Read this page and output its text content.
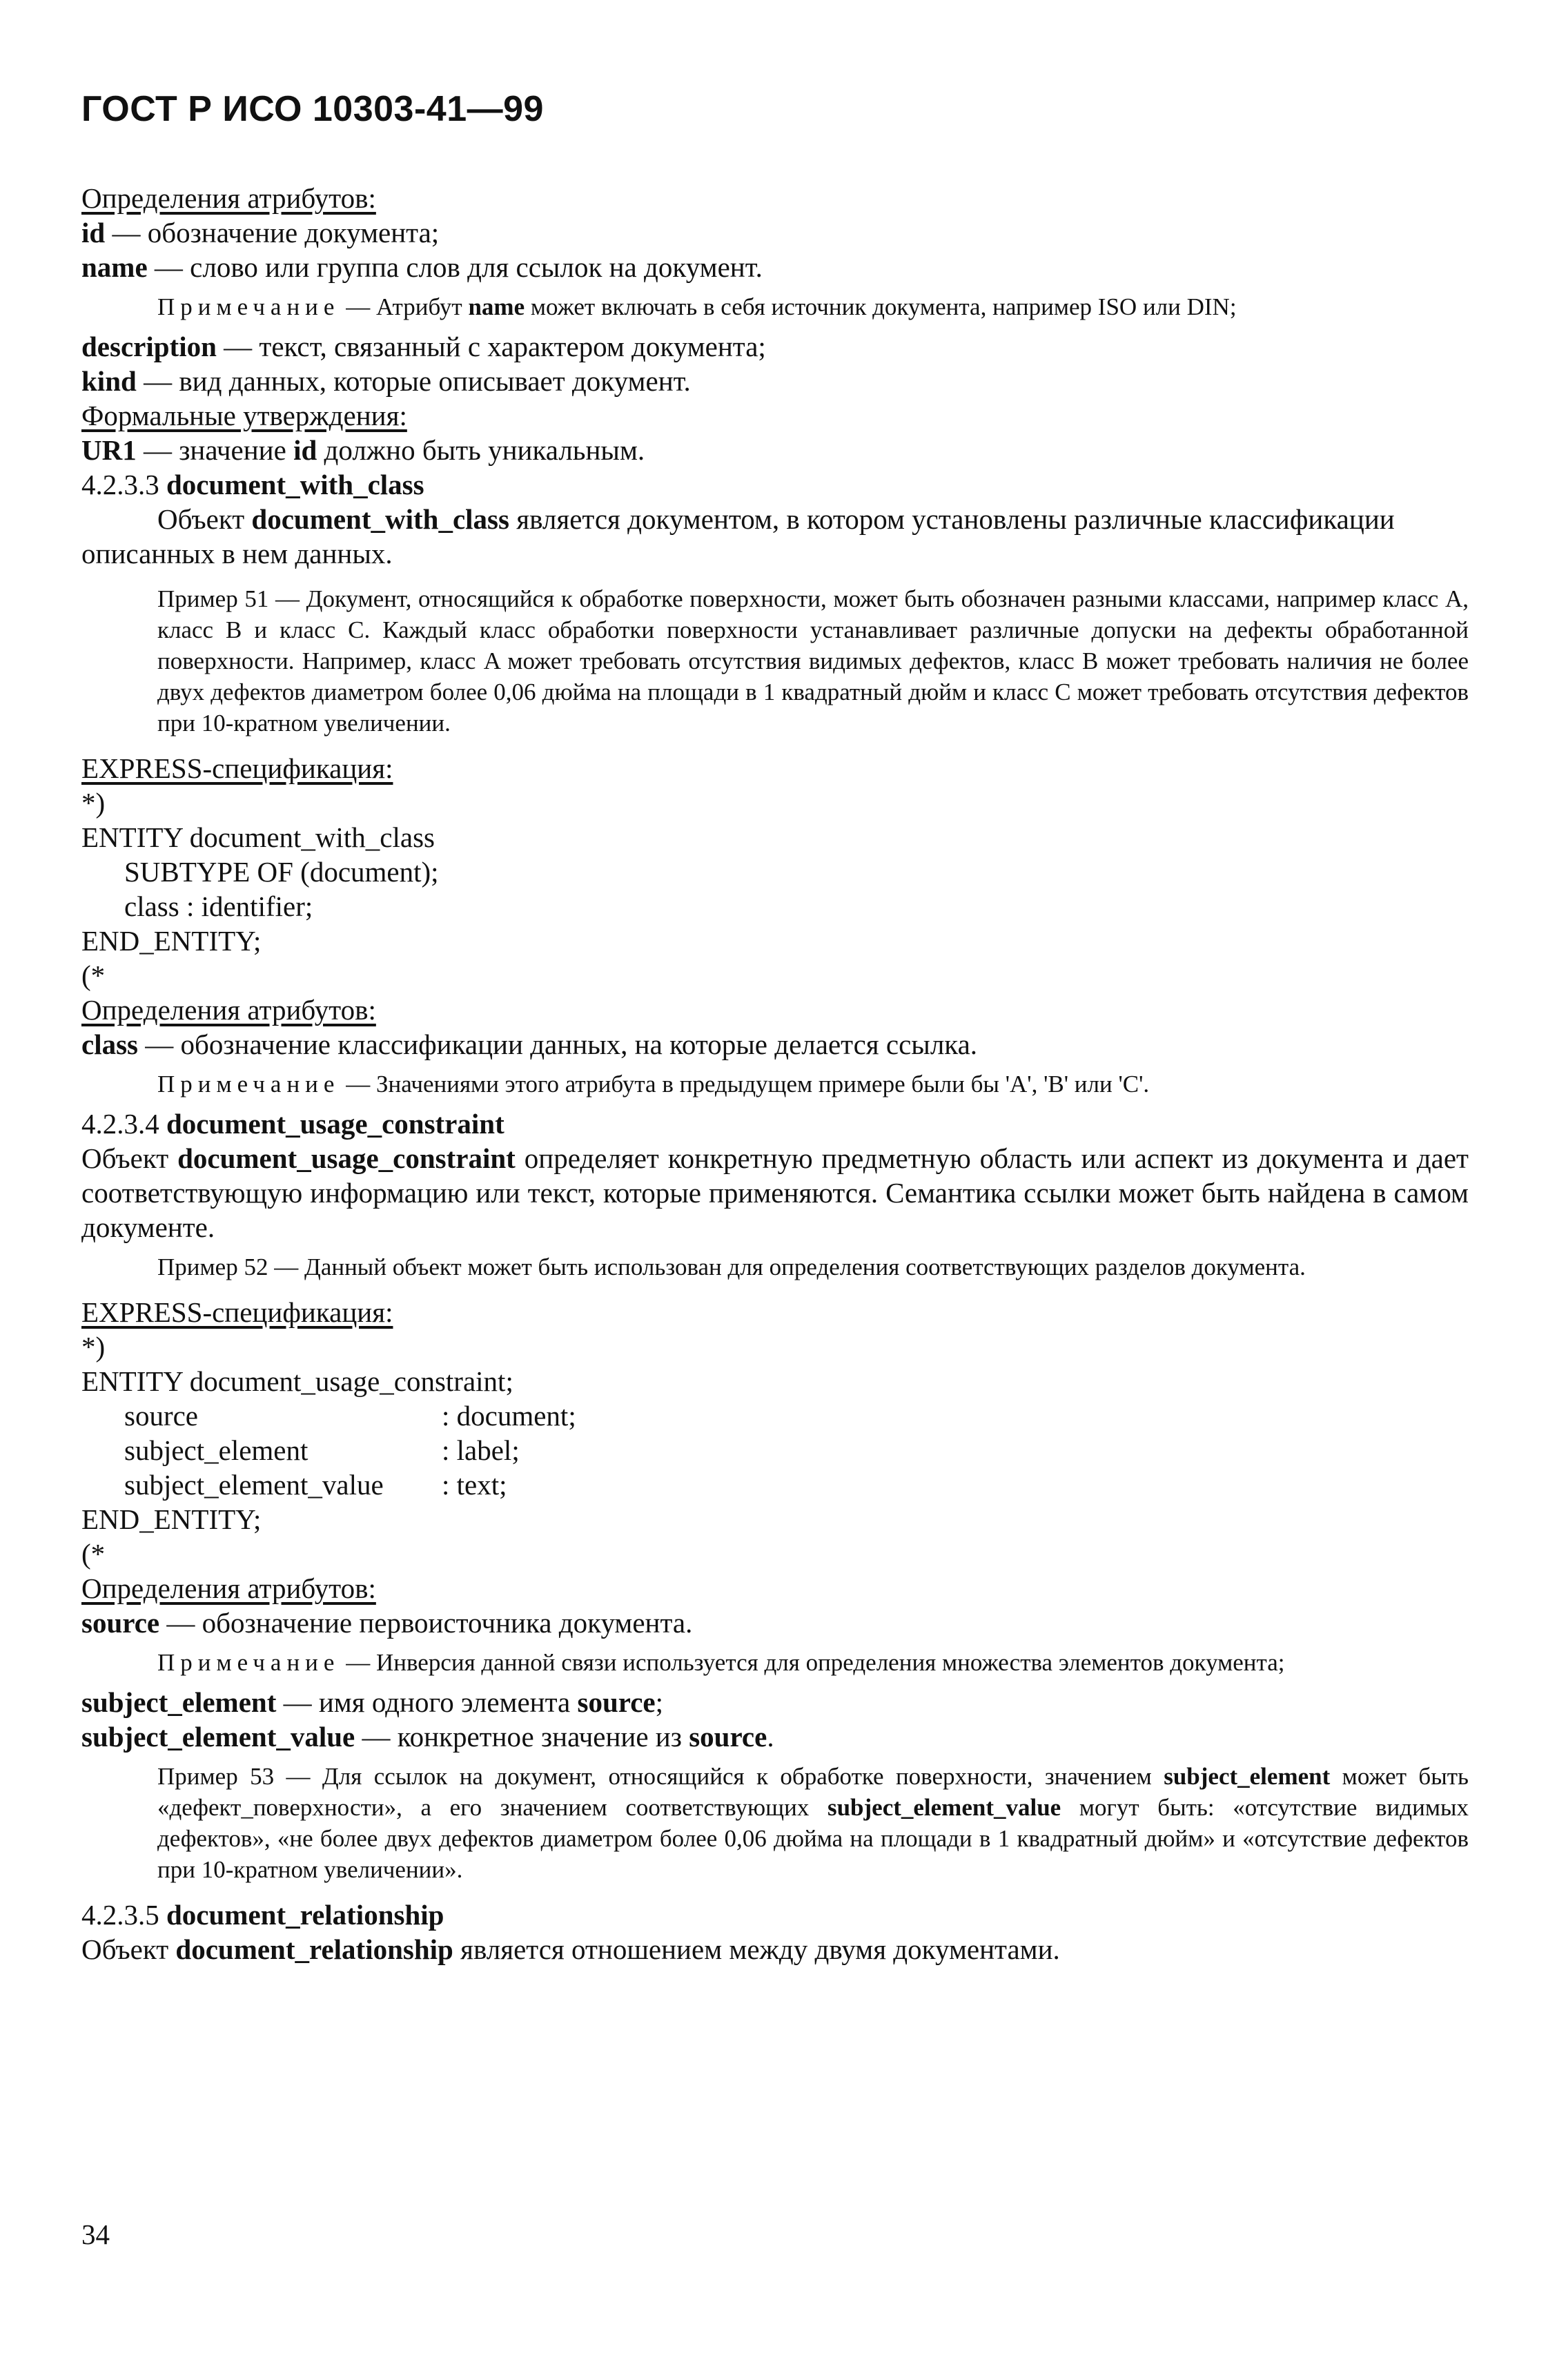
ГОСТ Р ИСО 10303-41—99

Определения атрибутов:

id — обозначение документа;

name — слово или группа слов для ссылок на документ.

Примечание — Атрибут name может включать в себя источник документа, например ISO или DIN;

description — текст, связанный с характером документа;

kind — вид данных, которые описывает документ.

Формальные утверждения:

UR1 — значение id должно быть уникальным.

4.2.3.3 document_with_class

Объект document_with_class является документом, в котором установлены различные классификации описанных в нем данных.

Пример 51 — Документ, относящийся к обработке поверхности, может быть обозначен разными классами, например класс A, класс B и класс C. Каждый класс обработки поверхности устанавливает различные допуски на дефекты обработанной поверхности. Например, класс A может требовать отсутствия видимых дефектов, класс B может требовать наличия не более двух дефектов диаметром более 0,06 дюйма на площади в 1 квадратный дюйм и класс C может требовать отсутствия дефектов при 10-кратном увеличении.

EXPRESS-спецификация:

*)

ENTITY document_with_class

SUBTYPE OF (document);

class : identifier;

END_ENTITY;

(*

Определения атрибутов:

class — обозначение классификации данных, на которые делается ссылка.

Примечание — Значениями этого атрибута в предыдущем примере были бы 'A', 'B' или 'C'.

4.2.3.4 document_usage_constraint

Объект document_usage_constraint определяет конкретную предметную область или аспект из документа и дает соответствующую информацию или текст, которые применяются. Семантика ссылки может быть найдена в самом документе.

Пример 52 — Данный объект может быть использован для определения соответствующих разделов документа.

EXPRESS-спецификация:

*)

ENTITY document_usage_constraint;

source	: document;
subject_element	: label;
subject_element_value	: text;

END_ENTITY;

(*

Определения атрибутов:

source — обозначение первоисточника документа.

Примечание — Инверсия данной связи используется для определения множества элементов документа;

subject_element — имя одного элемента source;

subject_element_value — конкретное значение из source.

Пример 53 — Для ссылок на документ, относящийся к обработке поверхности, значением subject_element может быть «дефект_поверхности», а его значением соответствующих subject_element_value могут быть: «отсутствие видимых дефектов», «не более двух дефектов диаметром более 0,06 дюйма на площади в 1 квадратный дюйм» и «отсутствие дефектов при 10-кратном увеличении».

4.2.3.5 document_relationship

Объект document_relationship является отношением между двумя документами.

34
